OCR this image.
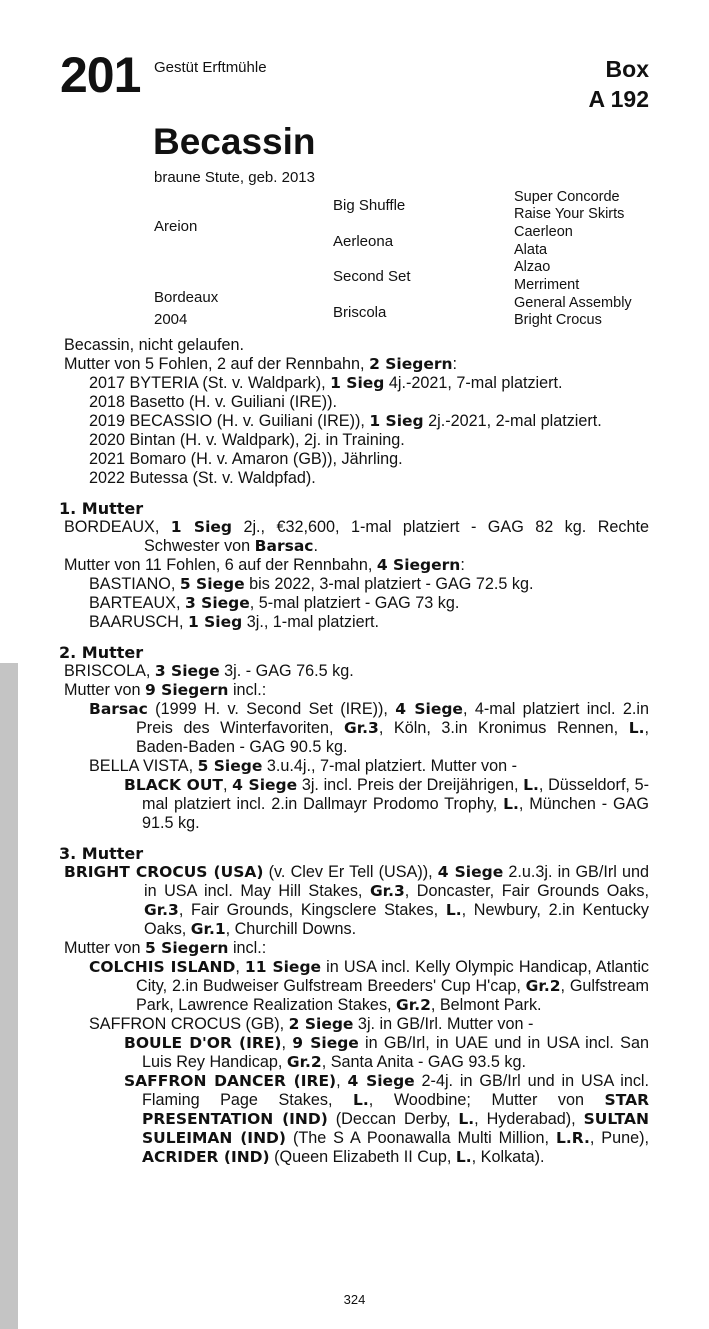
201 Gestüt Erftmühle	Box
A 192
Becassin
braune Stute, geb. 2013
Areion
Bordeaux
2004
Big Shuffle
Aerleona
Second Set
Briscola
Super Concorde
Raise Your Skirts
Caerleon
Alata
Alzao
Merriment
General Assembly
Bright Crocus

Becassin, nicht gelaufen.

Mutter von 5 Fohlen, 2 auf der Rennbahn, 2 Siegern:

2017 BYTERIA (St. v. Waldpark), 1 Sieg 4j.-2021, 7-mal platziert.

2018 Basetto (H. v. Guiliani (IRE)).

2019 BECASSIO (H. v. Guiliani (IRE)), 1 Sieg 2j.-2021, 2-mal platziert.

2020 Bintan (H. v. Waldpark), 2j. in Training.

2021 Bomaro (H. v. Amaron (GB)), Jährling.

2022 Butessa (St. v. Waldpfad).

1. Mutter

BORDEAUX, 1 Sieg 2j., €32,600, 1-mal platziert - GAG 82 kg. Rechte Schwester von Barsac.

Mutter von 11 Fohlen, 6 auf der Rennbahn, 4 Siegern:

BASTIANO, 5 Siege bis 2022, 3-mal platziert - GAG 72.5 kg.

BARTEAUX, 3 Siege, 5-mal platziert - GAG 73 kg.

BAARUSCH, 1 Sieg 3j., 1-mal platziert.

2. Mutter

BRISCOLA, 3 Siege 3j. - GAG 76.5 kg.

Mutter von 9 Siegern incl.:

Barsac (1999 H. v. Second Set (IRE)), 4 Siege, 4-mal platziert incl. 2.in Preis des Winterfavoriten, Gr.3, Köln, 3.in Kronimus Rennen, L., Baden-Baden - GAG 90.5 kg.

BELLA VISTA, 5 Siege 3.u.4j., 7-mal platziert. Mutter von -

BLACK OUT, 4 Siege 3j. incl. Preis der Dreijährigen, L., Düsseldorf, 5-mal platziert incl. 2.in Dallmayr Prodomo Trophy, L., München - GAG 91.5 kg.

3. Mutter

BRIGHT CROCUS (USA) (v. Clev Er Tell (USA)), 4 Siege 2.u.3j. in GB/Irl und in USA incl. May Hill Stakes, Gr.3, Doncaster, Fair Grounds Oaks, Gr.3, Fair Grounds, Kingsclere Stakes, L., Newbury, 2.in Kentucky Oaks, Gr.1, Churchill Downs.

Mutter von 5 Siegern incl.:

COLCHIS ISLAND, 11 Siege in USA incl. Kelly Olympic Handicap, Atlantic City, 2.in Budweiser Gulfstream Breeders' Cup H'cap, Gr.2, Gulfstream Park, Lawrence Realization Stakes, Gr.2, Belmont Park.

SAFFRON CROCUS (GB), 2 Siege 3j. in GB/Irl. Mutter von -

BOULE D'OR (IRE), 9 Siege in GB/Irl, in UAE und in USA incl. San Luis Rey Handicap, Gr.2, Santa Anita - GAG 93.5 kg.

SAFFRON DANCER (IRE), 4 Siege 2-4j. in GB/Irl und in USA incl. Flaming Page Stakes, L., Woodbine; Mutter von STAR PRESENTATION (IND) (Deccan Derby, L., Hyderabad), SULTAN SULEIMAN (IND) (The S A Poonawalla Multi Million, L.R., Pune), ACRIDER (IND) (Queen Elizabeth II Cup, L., Kolkata).

324
